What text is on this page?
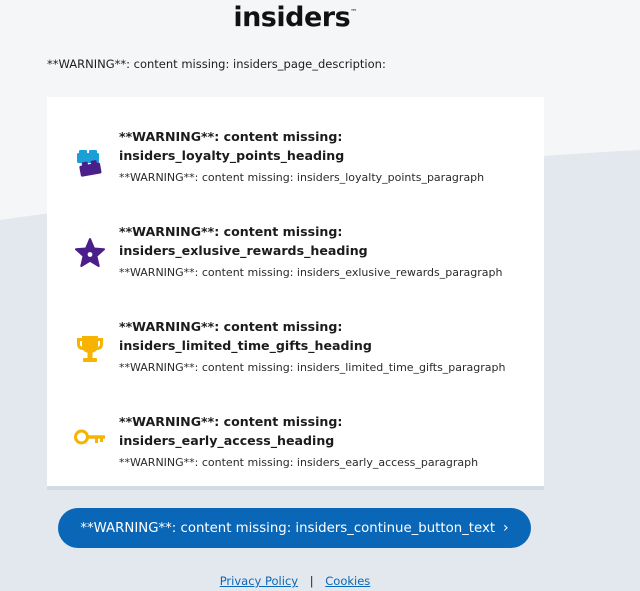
insiders™
**WARNING**: content missing: insiders_page_description:
**WARNING**: content missing: insiders_loyalty_points_heading

**WARNING**: content missing: insiders_loyalty_points_paragraph

**WARNING**: content missing: insiders_exlusive_rewards_heading

**WARNING**: content missing: insiders_exlusive_rewards_paragraph

**WARNING**: content missing: insiders_limited_time_gifts_heading

**WARNING**: content missing: insiders_limited_time_gifts_paragraph

**WARNING**: content missing: insiders_early_access_heading

**WARNING**: content missing: insiders_early_access_paragraph

**WARNING**: content missing: insiders_continue_button_text ›
Privacy Policy | Cookies
